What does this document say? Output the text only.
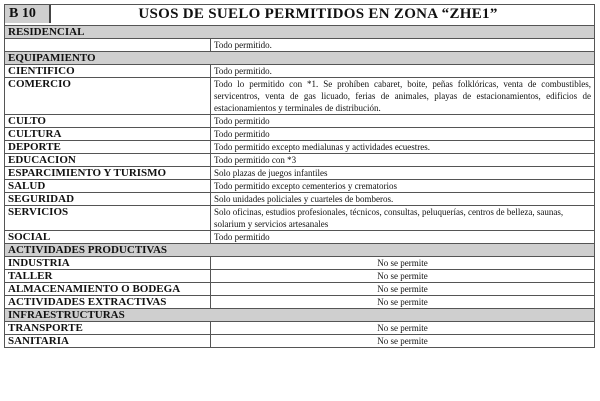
B 10 USOS DE SUELO PERMITIDOS EN ZONA “ZHE1”	
RESIDENCIAL	
	Todo permitido.
EQUIPAMIENTO	
CIENTIFICO	Todo permitido.
COMERCIO	Todo lo permitido con *1. Se prohíben cabaret, boite, peñas folklóricas, venta de combustibles, servicentros, venta de gas licuado, ferias de animales, playas de estacionamientos, edificios de estacionamientos y terminales de distribución.
CULTO	Todo permitido
CULTURA	Todo permitido
DEPORTE	Todo permitido excepto medialunas y actividades ecuestres.
EDUCACION	Todo permitido con *3
ESPARCIMIENTO Y TURISMO	Solo plazas de juegos infantiles
SALUD	Todo permitido excepto cementerios y crematorios
SEGURIDAD	Solo unidades policiales y cuarteles de bomberos.
SERVICIOS	Solo oficinas, estudios profesionales, técnicos, consultas, peluquerías, centros de belleza, saunas, solarium y servicios artesanales
SOCIAL	Todo permitido
ACTIVIDADES PRODUCTIVAS	
INDUSTRIA	No se permite
TALLER	No se permite
ALMACENAMIENTO O BODEGA	No se permite
ACTIVIDADES EXTRACTIVAS	No se permite
INFRAESTRUCTURAS	
TRANSPORTE	No se permite
SANITARIA	No se permite
